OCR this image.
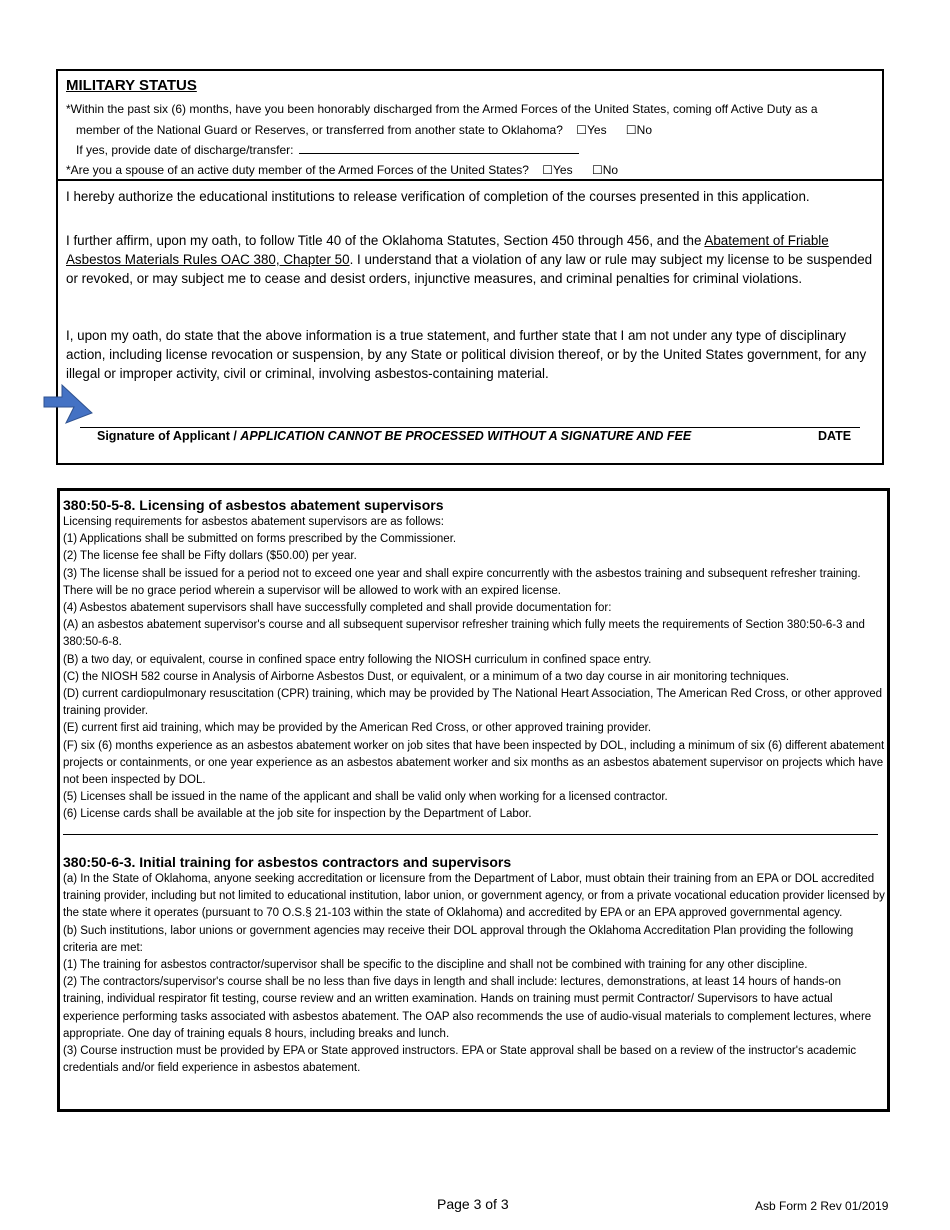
MILITARY STATUS
*Within the past six (6) months, have you been honorably discharged from the Armed Forces of the United States, coming off Active Duty as a
member of the National Guard or Reserves, or transferred from another state to Oklahoma? ☐Yes ☐No
If yes, provide date of discharge/transfer:
*Are you a spouse of an active duty member of the Armed Forces of the United States? ☐Yes ☐No
I hereby authorize the educational institutions to release verification of completion of the courses presented in this application.
I further affirm, upon my oath, to follow Title 40 of the Oklahoma Statutes, Section 450 through 456, and the Abatement of Friable Asbestos Materials Rules OAC 380, Chapter 50. I understand that a violation of any law or rule may subject my license to be suspended or revoked, or may subject me to cease and desist orders, injunctive measures, and criminal penalties for criminal violations.
I, upon my oath, do state that the above information is a true statement, and further state that I am not under any type of disciplinary action, including license revocation or suspension, by any State or political division thereof, or by the United States government, for any illegal or improper activity, civil or criminal, involving asbestos-containing material.
Signature of Applicant / APPLICATION CANNOT BE PROCESSED WITHOUT A SIGNATURE AND FEE	DATE
380:50-5-8. Licensing of asbestos abatement supervisors

Licensing requirements for asbestos abatement supervisors are as follows:

(1) Applications shall be submitted on forms prescribed by the Commissioner.

(2) The license fee shall be Fifty dollars ($50.00) per year.

(3) The license shall be issued for a period not to exceed one year and shall expire concurrently with the asbestos training and subsequent refresher training. There will be no grace period wherein a supervisor will be allowed to work with an expired license.

(4) Asbestos abatement supervisors shall have successfully completed and shall provide documentation for:

(A) an asbestos abatement supervisor's course and all subsequent supervisor refresher training which fully meets the requirements of Section 380:50-6-3 and 380:50-6-8.

(B) a two day, or equivalent, course in confined space entry following the NIOSH curriculum in confined space entry.

(C) the NIOSH 582 course in Analysis of Airborne Asbestos Dust, or equivalent, or a minimum of a two day course in air monitoring techniques.

(D) current cardiopulmonary resuscitation (CPR) training, which may be provided by The National Heart Association, The American Red Cross, or other approved training provider.

(E) current first aid training, which may be provided by the American Red Cross, or other approved training provider.

(F) six (6) months experience as an asbestos abatement worker on job sites that have been inspected by DOL, including a minimum of six (6) different abatement projects or containments, or one year experience as an asbestos abatement worker and six months as an asbestos abatement supervisor on projects which have not been inspected by DOL.

(5) Licenses shall be issued in the name of the applicant and shall be valid only when working for a licensed contractor.

(6) License cards shall be available at the job site for inspection by the Department of Labor.

380:50-6-3. Initial training for asbestos contractors and supervisors

(a) In the State of Oklahoma, anyone seeking accreditation or licensure from the Department of Labor, must obtain their training from an EPA or DOL accredited training provider, including but not limited to educational institution, labor union, or government agency, or from a private vocational education provider licensed by the state where it operates (pursuant to 70 O.S.§ 21-103 within the state of Oklahoma) and accredited by EPA or an EPA approved governmental agency.

(b) Such institutions, labor unions or government agencies may receive their DOL approval through the Oklahoma Accreditation Plan providing the following criteria are met:

(1) The training for asbestos contractor/supervisor shall be specific to the discipline and shall not be combined with training for any other discipline.

(2) The contractors/supervisor's course shall be no less than five days in length and shall include: lectures, demonstrations, at least 14 hours of hands-on training, individual respirator fit testing, course review and an written examination. Hands on training must permit Contractor/ Supervisors to have actual experience performing tasks associated with asbestos abatement. The OAP also recommends the use of audio-visual materials to complement lectures, where appropriate. One day of training equals 8 hours, including breaks and lunch.

(3) Course instruction must be provided by EPA or State approved instructors. EPA or State approval shall be based on a review of the instructor's academic credentials and/or field experience in asbestos abatement.

Page 3 of 3	Asb Form 2 Rev 01/2019
